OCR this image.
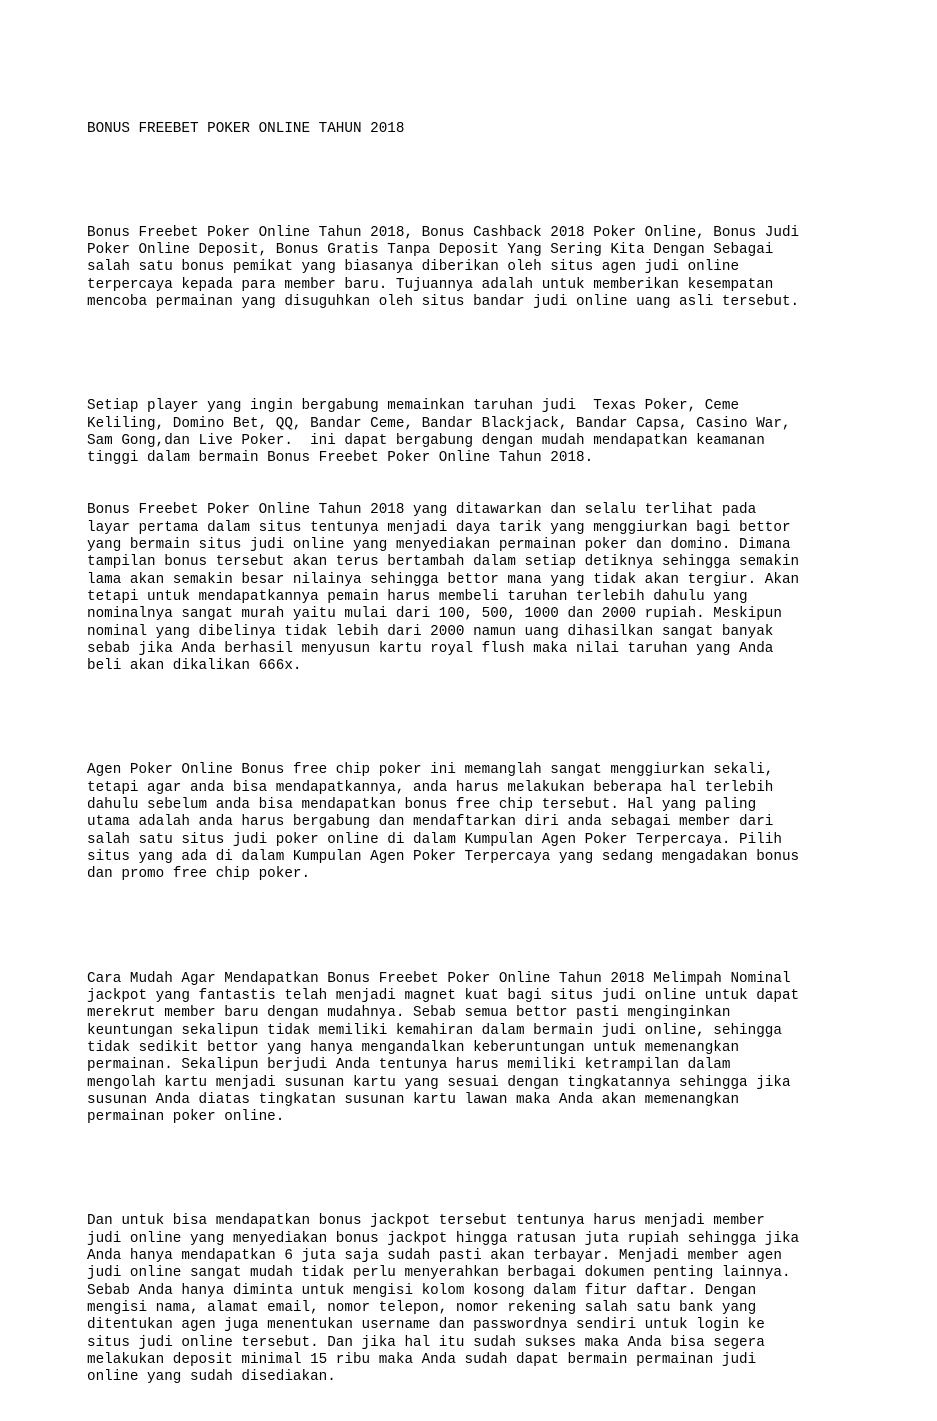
BONUS FREEBET POKER ONLINE TAHUN 2018

Bonus Freebet Poker Online Tahun 2018, Bonus Cashback 2018 Poker Online, Bonus Judi
Poker Online Deposit, Bonus Gratis Tanpa Deposit Yang Sering Kita Dengan Sebagai
salah satu bonus pemikat yang biasanya diberikan oleh situs agen judi online
terpercaya kepada para member baru. Tujuannya adalah untuk memberikan kesempatan
mencoba permainan yang disuguhkan oleh situs bandar judi online uang asli tersebut.

Setiap player yang ingin bergabung memainkan taruhan judi  Texas Poker, Ceme
Keliling, Domino Bet, QQ, Bandar Ceme, Bandar Blackjack, Bandar Capsa, Casino War,
Sam Gong,dan Live Poker.  ini dapat bergabung dengan mudah mendapatkan keamanan
tinggi dalam bermain Bonus Freebet Poker Online Tahun 2018.

Bonus Freebet Poker Online Tahun 2018 yang ditawarkan dan selalu terlihat pada
layar pertama dalam situs tentunya menjadi daya tarik yang menggiurkan bagi bettor
yang bermain situs judi online yang menyediakan permainan poker dan domino. Dimana
tampilan bonus tersebut akan terus bertambah dalam setiap detiknya sehingga semakin
lama akan semakin besar nilainya sehingga bettor mana yang tidak akan tergiur. Akan
tetapi untuk mendapatkannya pemain harus membeli taruhan terlebih dahulu yang
nominalnya sangat murah yaitu mulai dari 100, 500, 1000 dan 2000 rupiah. Meskipun
nominal yang dibelinya tidak lebih dari 2000 namun uang dihasilkan sangat banyak
sebab jika Anda berhasil menyusun kartu royal flush maka nilai taruhan yang Anda
beli akan dikalikan 666x.

Agen Poker Online Bonus free chip poker ini memanglah sangat menggiurkan sekali,
tetapi agar anda bisa mendapatkannya, anda harus melakukan beberapa hal terlebih
dahulu sebelum anda bisa mendapatkan bonus free chip tersebut. Hal yang paling
utama adalah anda harus bergabung dan mendaftarkan diri anda sebagai member dari
salah satu situs judi poker online di dalam Kumpulan Agen Poker Terpercaya. Pilih
situs yang ada di dalam Kumpulan Agen Poker Terpercaya yang sedang mengadakan bonus
dan promo free chip poker.

Cara Mudah Agar Mendapatkan Bonus Freebet Poker Online Tahun 2018 Melimpah Nominal
jackpot yang fantastis telah menjadi magnet kuat bagi situs judi online untuk dapat
merekrut member baru dengan mudahnya. Sebab semua bettor pasti menginginkan
keuntungan sekalipun tidak memiliki kemahiran dalam bermain judi online, sehingga
tidak sedikit bettor yang hanya mengandalkan keberuntungan untuk memenangkan
permainan. Sekalipun berjudi Anda tentunya harus memiliki ketrampilan dalam
mengolah kartu menjadi susunan kartu yang sesuai dengan tingkatannya sehingga jika
susunan Anda diatas tingkatan susunan kartu lawan maka Anda akan memenangkan
permainan poker online.

Dan untuk bisa mendapatkan bonus jackpot tersebut tentunya harus menjadi member
judi online yang menyediakan bonus jackpot hingga ratusan juta rupiah sehingga jika
Anda hanya mendapatkan 6 juta saja sudah pasti akan terbayar. Menjadi member agen
judi online sangat mudah tidak perlu menyerahkan berbagai dokumen penting lainnya.
Sebab Anda hanya diminta untuk mengisi kolom kosong dalam fitur daftar. Dengan
mengisi nama, alamat email, nomor telepon, nomor rekening salah satu bank yang
ditentukan agen juga menentukan username dan passwordnya sendiri untuk login ke
situs judi online tersebut. Dan jika hal itu sudah sukses maka Anda bisa segera
melakukan deposit minimal 15 ribu maka Anda sudah dapat bermain permainan judi
online yang sudah disediakan.
